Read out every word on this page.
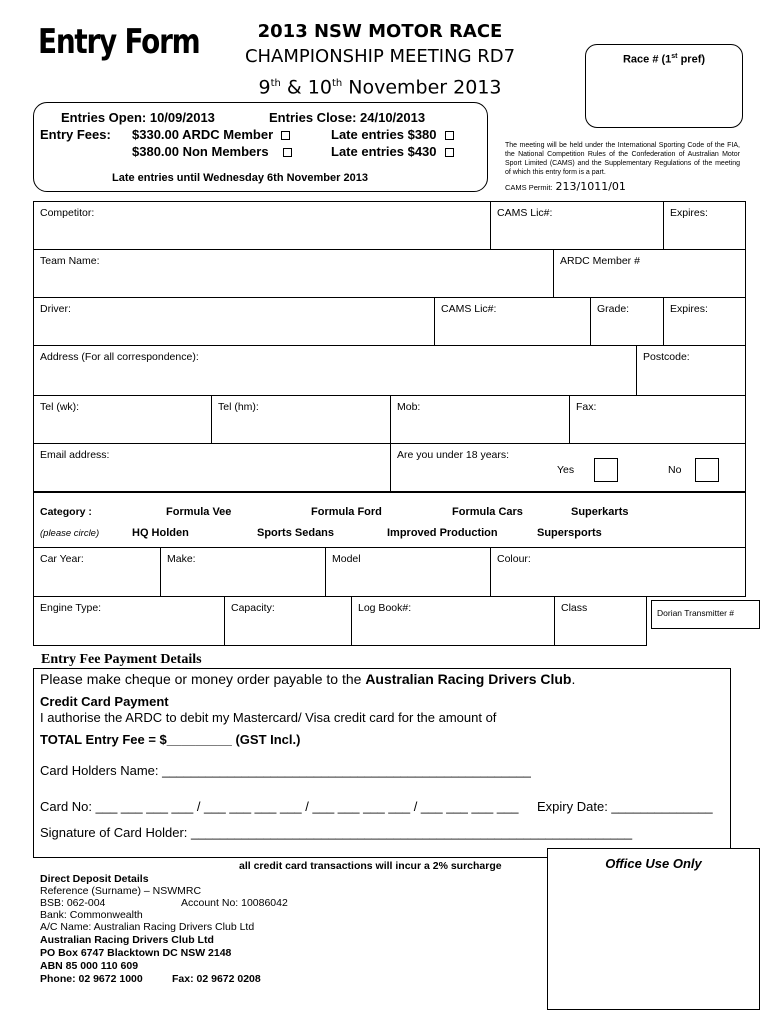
Entry Form	2013 NSW MOTOR RACE
CHAMPIONSHIP MEETING RD7
9th & 10th November 2013
Race # (1st pref)
Entries Open: 10/09/2013	Entries Close: 24/10/2013
Entry Fees: $330.00 ARDC Member	Late entries $380
$380.00 Non Members	Late entries $430
Late entries until Wednesday 6th November 2013
The meeting will be held under the International Sporting Code of the FIA, the National Competition Rules of the Confederation of Australian Motor Sport Limited (CAMS) and the Supplementary Regulations of the meeting of which this entry form is a part.
CAMS Permit: 213/1011/01
Competitor:	CAMS Lic#:	Expires:
Team Name:	ARDC Member #
Driver:	CAMS Lic#:	Grade:	Expires:
Address (For all correspondence):	Postcode:
Tel (wk):	Tel (hm):	Mob:	Fax:
Email address:	Are you under 18 years:
Yes	No
Category :
(please circle)
Formula Vee	Formula Ford	Formula Cars	Superkarts
HQ Holden	Sports Sedans	Improved Production	Supersports
Car Year:	Make:	Model	Colour:
Engine Type:	Capacity:	Log Book#:	Class	Dorian Transmitter #
Entry Fee Payment Details
Please make cheque or money order payable to the Australian Racing Drivers Club.
Credit Card Payment
I authorise the ARDC to debit my Mastercard/ Visa credit card for the amount of
TOTAL Entry Fee = $_________ (GST Incl.)
Card Holders Name: ___________________________________________________
Card No: ___ ___ ___ ___ / ___ ___ ___ ___ / ___ ___ ___ ___ / ___ ___ ___ ___ Expiry Date: ______________
Signature of Card Holder: _____________________________________________________________
Office Use Only
all credit card transactions will incur a 2% surcharge
Direct Deposit Details
Reference (Surname) – NSWMRC
BSB: 062-004	Account No: 10086042
Bank: Commonwealth
A/C Name: Australian Racing Drivers Club Ltd
Australian Racing Drivers Club Ltd
PO Box 6747 Blacktown DC NSW 2148
ABN 85 000 110 609
Phone: 02 9672 1000	Fax: 02 9672 0208
